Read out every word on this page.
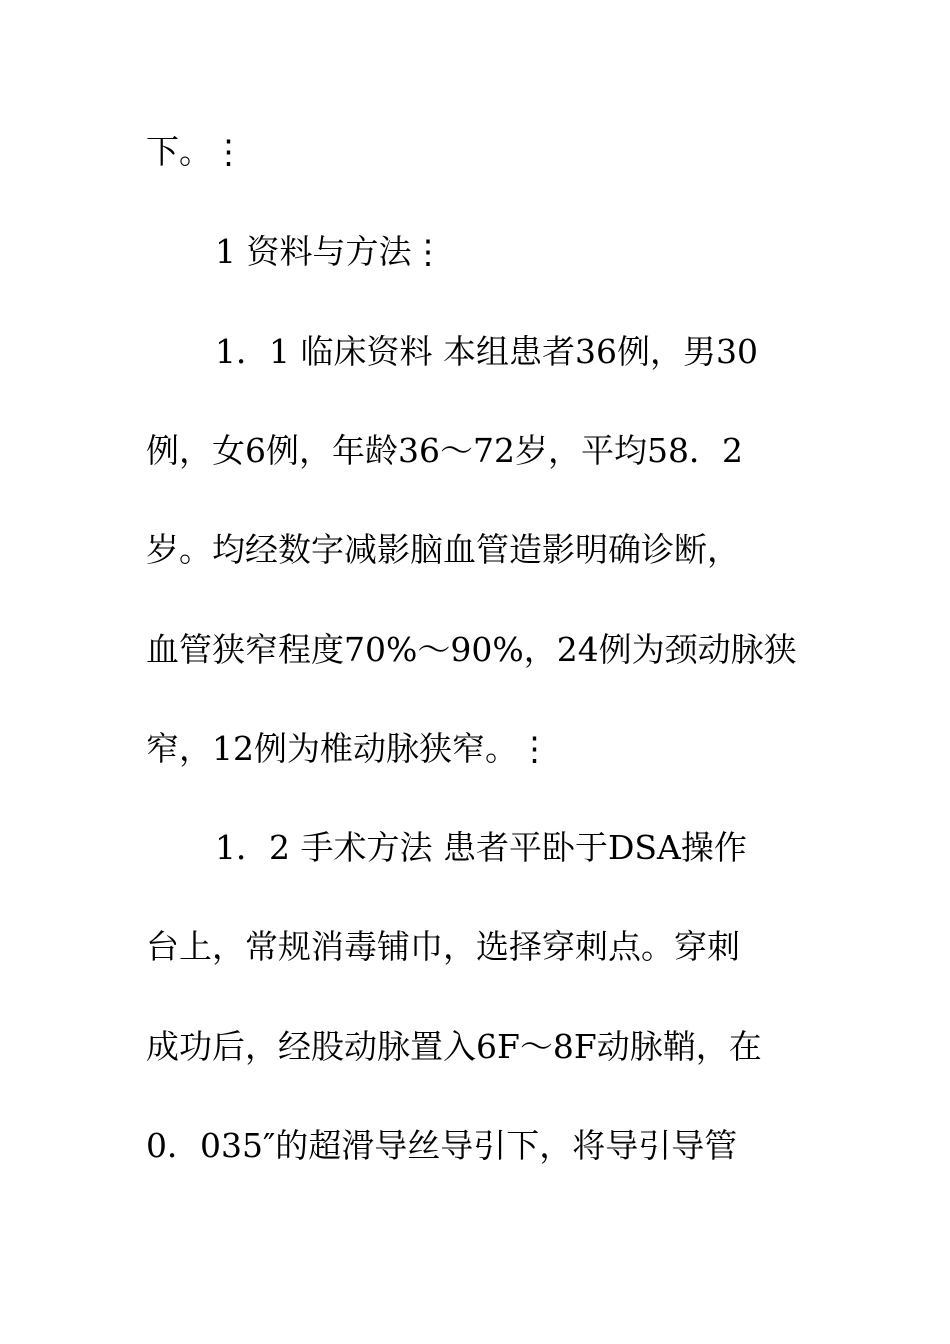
下。⋮
1 资料与方法⋮
1．1 临床资料 本组患者36例，男30
例，女6例，年龄36～72岁，平均58．2
岁。均经数字减影脑血管造影明确诊断，
血管狭窄程度70%～90%，24例为颈动脉狭
窄，12例为椎动脉狭窄。⋮
1．2 手术方法 患者平卧于DSA操作
台上，常规消毒铺巾，选择穿刺点。穿刺
成功后，经股动脉置入6F～8F动脉鞘，在
0．035″的超滑导丝导引下，将导引导管
